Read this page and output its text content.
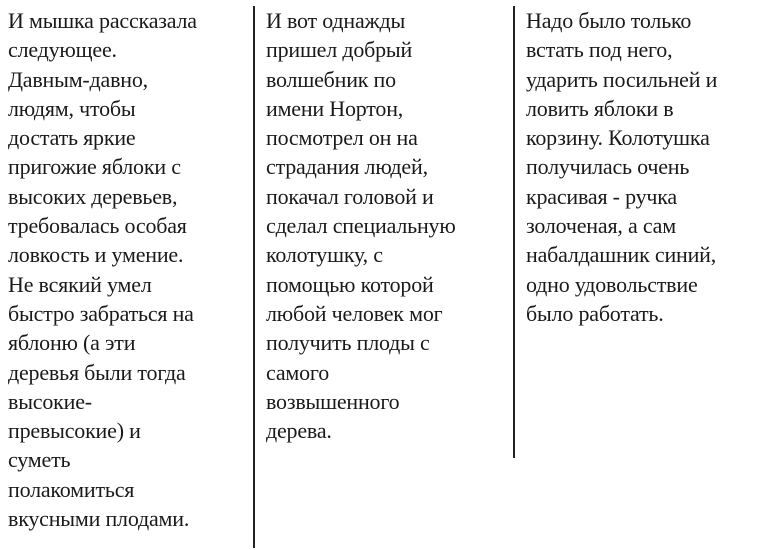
И мышка рассказала
следующее.
Давным-давно,
людям, чтобы
достать яркие
пригожие яблоки с
высоких деревьев,
требовалась особая
ловкость и умение.
Не всякий умел
быстро забраться на
яблоню (а эти
деревья были тогда
высокие-
превысокие) и
суметь
полакомиться
вкусными плодами.
И вот однажды
пришел добрый
волшебник по
имени Нортон,
посмотрел он на
страдания людей,
покачал головой и
сделал специальную
колотушку, с
помощью которой
любой человек мог
получить плоды с
самого
возвышенного
дерева.
Надо было только
встать под него,
ударить посильней и
ловить яблоки в
корзину. Колотушка
получилась очень
красивая - ручка
золоченая, а сам
набалдашник синий,
одно удовольствие
было работать.
